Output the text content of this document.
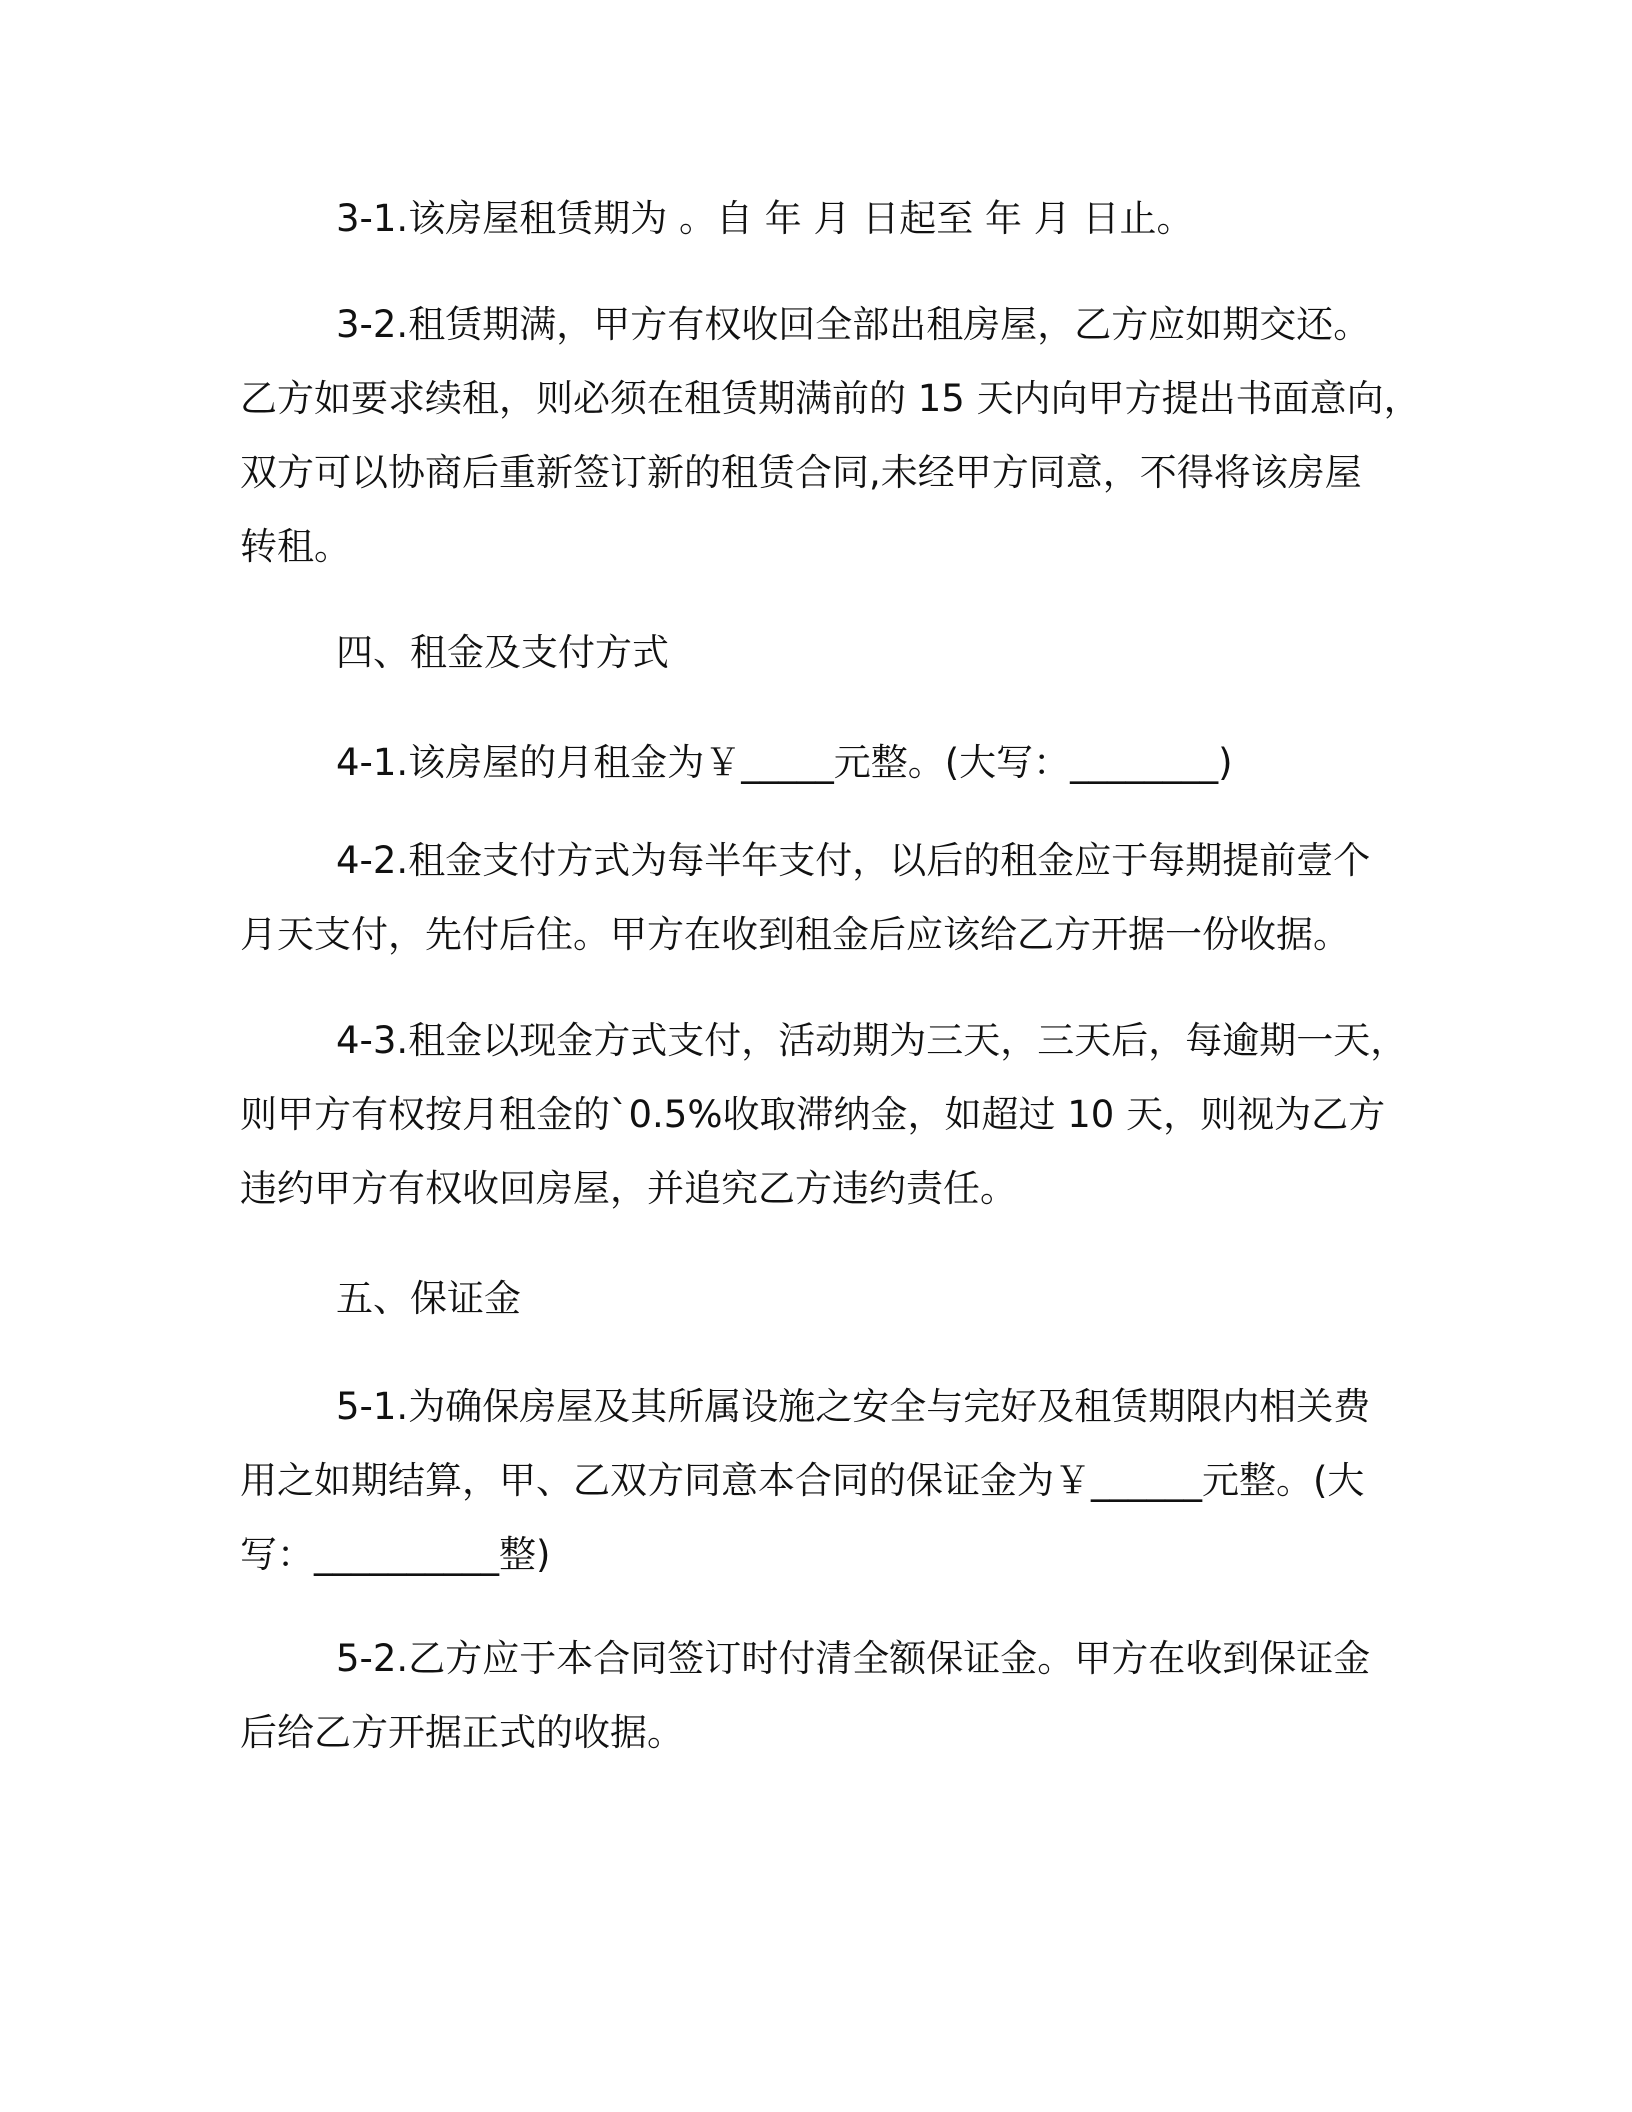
3-1.该房屋租赁期为 。自 年 月 日起至 年 月 日止。
3-2.租赁期满，甲方有权收回全部出租房屋，乙方应如期交还。
乙方如要求续租，则必须在租赁期满前的 15 天内向甲方提出书面意向，
双方可以协商后重新签订新的租赁合同,未经甲方同意，不得将该房屋
转租。
四、租金及支付方式
4-1.该房屋的月租金为￥_____元整。(大写：________)
4-2.租金支付方式为每半年支付，以后的租金应于每期提前壹个
月天支付，先付后住。甲方在收到租金后应该给乙方开据一份收据。
4-3.租金以现金方式支付，活动期为三天，三天后，每逾期一天，
则甲方有权按月租金的`0.5%收取滞纳金，如超过 10 天，则视为乙方
违约甲方有权收回房屋，并追究乙方违约责任。
五、保证金
5-1.为确保房屋及其所属设施之安全与完好及租赁期限内相关费
用之如期结算，甲、乙双方同意本合同的保证金为￥______元整。(大
写：__________整)
5-2.乙方应于本合同签订时付清全额保证金。甲方在收到保证金
后给乙方开据正式的收据。
